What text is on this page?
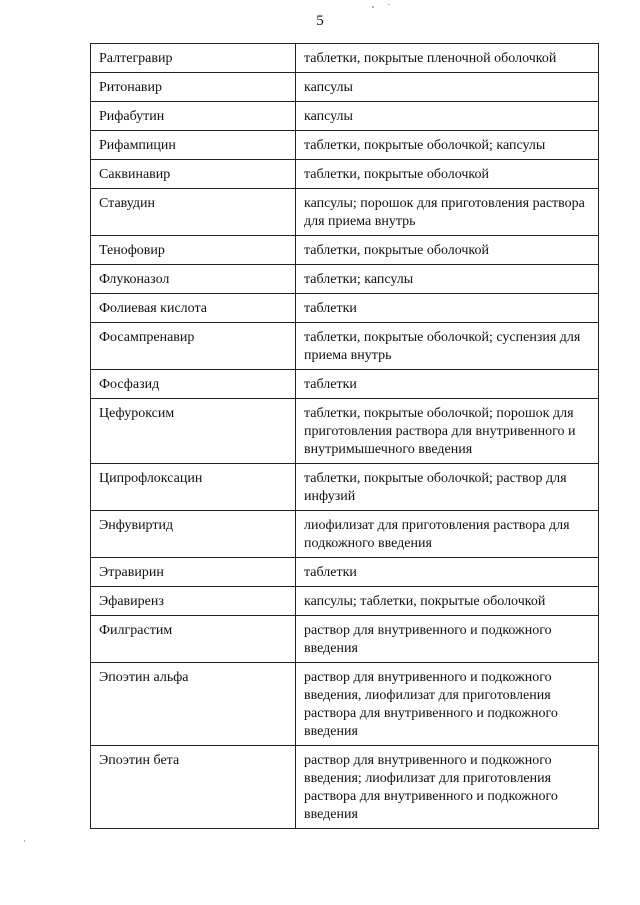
5
Ралтегравир	таблетки, покрытые пленочной оболочкой
Ритонавир	капсулы
Рифабутин	капсулы
Рифампицин	таблетки, покрытые оболочкой; капсулы
Саквинавир	таблетки, покрытые оболочкой
Ставудин	капсулы; порошок для приготовления раствора для приема внутрь
Тенофовир	таблетки, покрытые оболочкой
Флуконазол	таблетки; капсулы
Фолиевая кислота	таблетки
Фосампренавир	таблетки, покрытые оболочкой; суспензия для приема внутрь
Фосфазид	таблетки
Цефуроксим	таблетки, покрытые оболочкой; порошок для приготовления раствора для внутривенного и внутримышечного введения
Ципрофлоксацин	таблетки, покрытые оболочкой; раствор для инфузий
Энфувиртид	лиофилизат для приготовления раствора для подкожного введения
Этравирин	таблетки
Эфавиренз	капсулы; таблетки, покрытые оболочкой
Филграстим	раствор для внутривенного и подкожного введения
Эпоэтин альфа	раствор для внутривенного и подкожного введения, лиофилизат для приготовления раствора для внутривенного и подкожного введения
Эпоэтин бета	раствор для внутривенного и подкожного введения; лиофилизат для приготовления раствора для внутривенного и подкожного введения
